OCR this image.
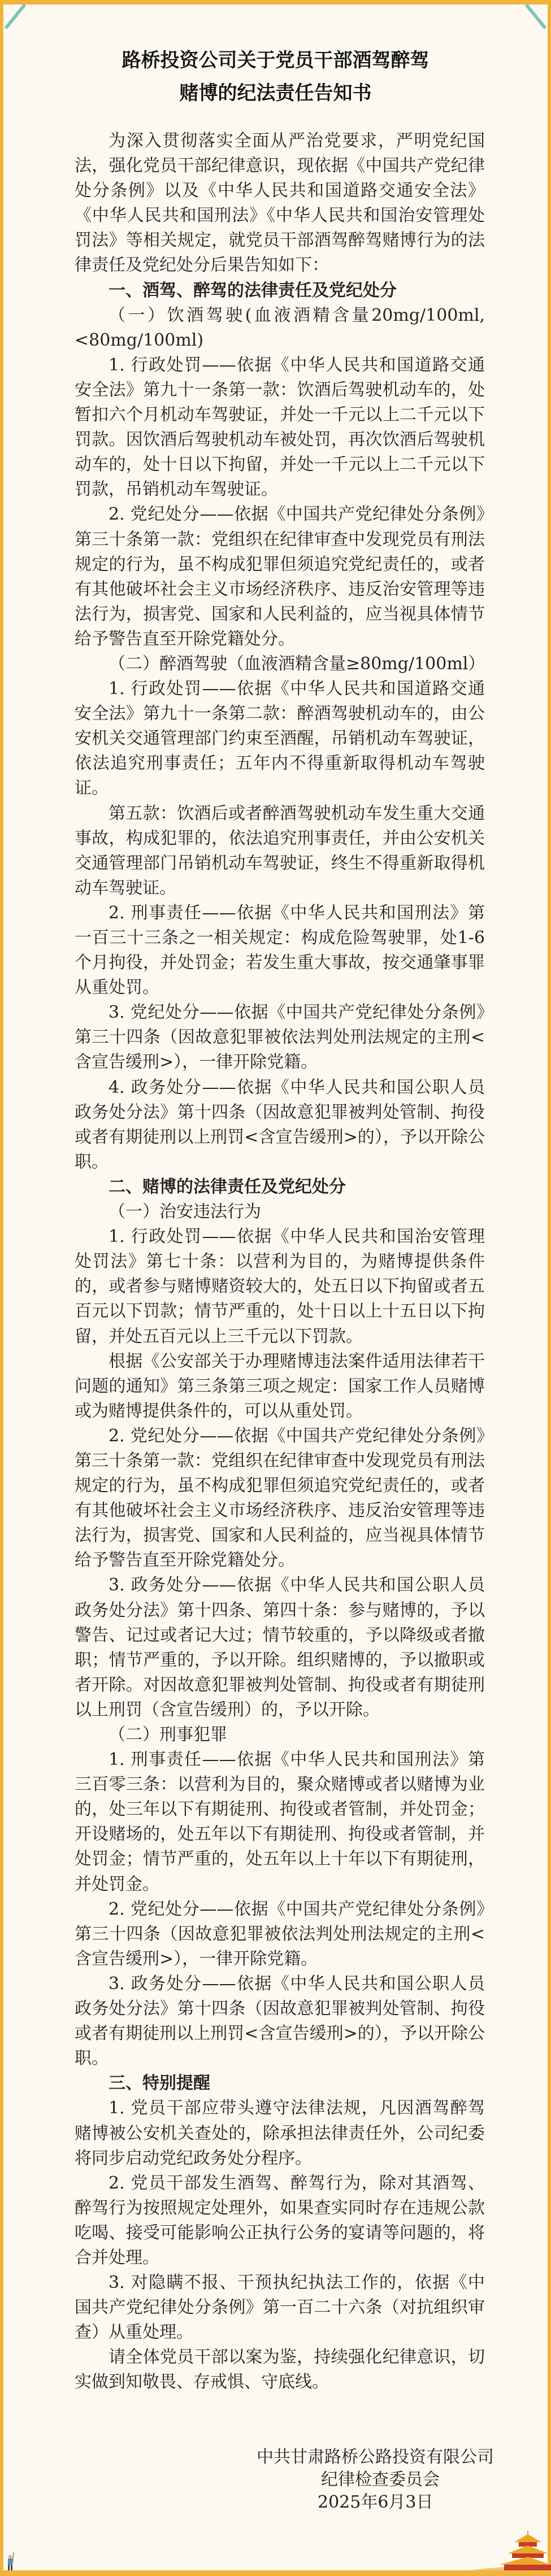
路桥投资公司关于党员干部酒驾醉驾
赌博的纪法责任告知书

为深入贯彻落实全面从严治党要求，严明党纪国法，强化党员干部纪律意识，现依据《中国共产党纪律处分条例》以及《中华人民共和国道路交通安全法》《中华人民共和国刑法》《中华人民共和国治安管理处罚法》等相关规定，就党员干部酒驾醉驾赌博行为的法律责任及党纪处分后果告知如下：

一、酒驾、醉驾的法律责任及党纪处分

（一）饮酒驾驶(血液酒精含量20mg/100ml,<80mg/100ml)

1. 行政处罚——依据《中华人民共和国道路交通安全法》第九十一条第一款：饮酒后驾驶机动车的，处暂扣六个月机动车驾驶证，并处一千元以上二千元以下罚款。因饮酒后驾驶机动车被处罚，再次饮酒后驾驶机动车的，处十日以下拘留，并处一千元以上二千元以下罚款，吊销机动车驾驶证。

2. 党纪处分——依据《中国共产党纪律处分条例》第三十条第一款：党组织在纪律审查中发现党员有刑法规定的行为，虽不构成犯罪但须追究党纪责任的，或者有其他破坏社会主义市场经济秩序、违反治安管理等违法行为，损害党、国家和人民利益的，应当视具体情节给予警告直至开除党籍处分。

（二）醉酒驾驶（血液酒精含量≥80mg/100ml）

1. 行政处罚——依据《中华人民共和国道路交通安全法》第九十一条第二款：醉酒驾驶机动车的，由公安机关交通管理部门约束至酒醒，吊销机动车驾驶证，依法追究刑事责任；五年内不得重新取得机动车驾驶证。

第五款：饮酒后或者醉酒驾驶机动车发生重大交通事故，构成犯罪的，依法追究刑事责任，并由公安机关交通管理部门吊销机动车驾驶证，终生不得重新取得机动车驾驶证。

2. 刑事责任——依据《中华人民共和国刑法》第一百三十三条之一相关规定：构成危险驾驶罪，处1-6个月拘役，并处罚金；若发生重大事故，按交通肇事罪从重处罚。

3. 党纪处分——依据《中国共产党纪律处分条例》第三十四条（因故意犯罪被依法判处刑法规定的主刑<含宣告缓刑>），一律开除党籍。

4. 政务处分——依据《中华人民共和国公职人员政务处分法》第十四条（因故意犯罪被判处管制、拘役或者有期徒刑以上刑罚<含宣告缓刑>的），予以开除公职。

二、赌博的法律责任及党纪处分

（一）治安违法行为

1. 行政处罚——依据《中华人民共和国治安管理处罚法》第七十条：以营利为目的，为赌博提供条件的，或者参与赌博赌资较大的，处五日以下拘留或者五百元以下罚款；情节严重的，处十日以上十五日以下拘留，并处五百元以上三千元以下罚款。

根据《公安部关于办理赌博违法案件适用法律若干问题的通知》第三条第三项之规定：国家工作人员赌博或为赌博提供条件的，可以从重处罚。

2. 党纪处分——依据《中国共产党纪律处分条例》第三十条第一款：党组织在纪律审查中发现党员有刑法规定的行为，虽不构成犯罪但须追究党纪责任的，或者有其他破坏社会主义市场经济秩序、违反治安管理等违法行为，损害党、国家和人民利益的，应当视具体情节给予警告直至开除党籍处分。

3. 政务处分——依据《中华人民共和国公职人员政务处分法》第十四条、第四十条：参与赌博的，予以警告、记过或者记大过；情节较重的，予以降级或者撤职；情节严重的，予以开除。组织赌博的，予以撤职或者开除。对因故意犯罪被判处管制、拘役或者有期徒刑以上刑罚（含宣告缓刑）的，予以开除。

（二）刑事犯罪

1. 刑事责任——依据《中华人民共和国刑法》第三百零三条：以营利为目的，聚众赌博或者以赌博为业的，处三年以下有期徒刑、拘役或者管制，并处罚金；开设赌场的，处五年以下有期徒刑、拘役或者管制，并处罚金；情节严重的，处五年以上十年以下有期徒刑，并处罚金。

2. 党纪处分——依据《中国共产党纪律处分条例》第三十四条（因故意犯罪被依法判处刑法规定的主刑<含宣告缓刑>），一律开除党籍。

3. 政务处分——依据《中华人民共和国公职人员政务处分法》第十四条（因故意犯罪被判处管制、拘役或者有期徒刑以上刑罚<含宣告缓刑>的），予以开除公职。

三、特别提醒

1. 党员干部应带头遵守法律法规，凡因酒驾醉驾赌博被公安机关查处的，除承担法律责任外，公司纪委将同步启动党纪政务处分程序。

2. 党员干部发生酒驾、醉驾行为，除对其酒驾、醉驾行为按照规定处理外，如果查实同时存在违规公款吃喝、接受可能影响公正执行公务的宴请等问题的，将合并处理。

3. 对隐瞒不报、干预执纪执法工作的，依据《中国共产党纪律处分条例》第一百二十六条（对抗组织审查）从重处理。

请全体党员干部以案为鉴，持续强化纪律意识，切实做到知敬畏、存戒惧、守底线。

中共甘肃路桥公路投资有限公司
纪律检查委员会
2025年6月3日
